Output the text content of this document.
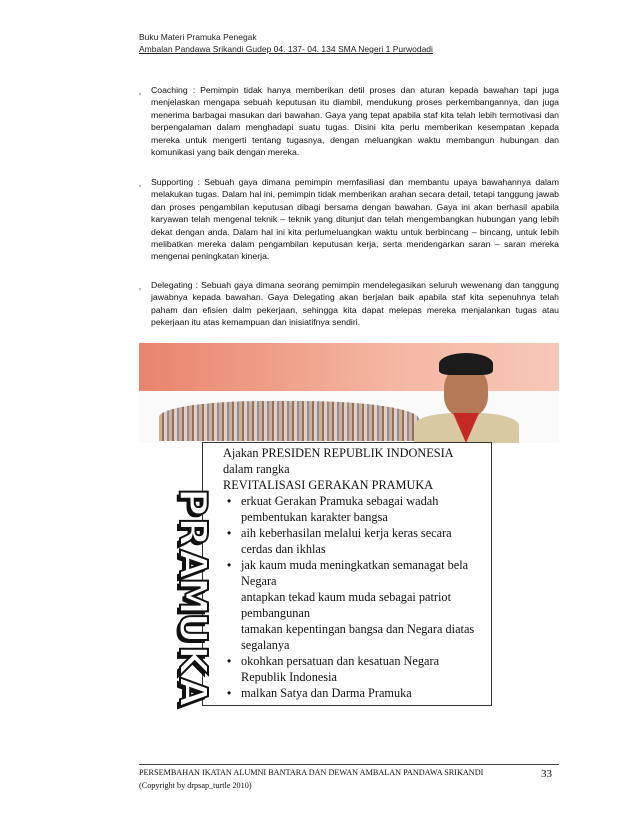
Buku Materi Pramuka Penegak
Ambalan Pandawa Srikandi Gudep 04. 137- 04. 134 SMA Negeri 1 Purwodadi
‚	Coaching : Pemimpin tidak hanya memberikan detil proses dan aturan kepada bawahan tapi juga menjelaskan mengapa sebuah keputusan itu diambil, mendukung proses perkembangannya, dan juga menerima barbagai masukan dari bawahan. Gaya yang tepat apabila staf kita telah lebih termotivasi dan berpengalaman dalam menghadapi suatu tugas. Disini kita perlu memberikan kesempatan kepada mereka untuk mengerti tentang tugasnya, dengan meluangkan waktu membangun hubungan dan komunikasi yang baik dengan mereka.
‚	Supporting : Sebuah gaya dimana pemimpin memfasiliasi dan membantu upaya bawahannya dalam melakukan tugas. Dalam hal ini, pemimpin tidak memberikan arahan secara detail, tetapi tanggung jawab dan proses pengambilan keputusan dibagi bersama dengan bawahan. Gaya ini akan berhasil apabila karyawan telah mengenal teknik – teknik yang ditunjut dan telah mengembangkan hubungan yang lebih dekat dengan anda. Dalam hal ini kita perlumeluangkan waktu untuk berbincang – bincang, untuk lebih melibatkan mereka dalam pengambilan keputusan kerja, serta mendengarkan saran – saran mereka mengenai peningkatan kinerja.
‚	Delegating : Sebuah gaya dimana seorang pemimpin mendelegasikan seluruh wewenang dan tanggung jawabnya kepada bawahan. Gaya Delegating akan berjalan baik apabila staf kita sepenuhnya telah paham dan efisien dalm pekerjaan, sehingga kita dapat melepas mereka menjalankan tugas atau pekerjaan itu atas kemampuan dan inisiatifnya sendiri.
Ajakan PRESIDEN REPUBLIK INDONESIA
dalam rangka
REVITALISASI GERAKAN PRAMUKA
P
R
A
M
U
K
A
• erkuat Gerakan Pramuka sebagai wadah
pembentukan karakter bangsa
• aih keberhasilan melalui kerja keras secara
cerdas dan ikhlas
• jak kaum muda meningkatkan semanagat bela
Negara
antapkan tekad kaum muda sebagai patriot
pembangunan
tamakan kepentingan bangsa dan Negara diatas
segalanya
• okohkan persatuan dan kesatuan Negara
Republik Indonesia
• malkan Satya dan Darma Pramuka
PERSEMBAHAN IKATAN ALUMNI BANTARA DAN DEWAN AMBALAN PANDAWA SRIKANDI
(Copyright by drpsap_turtle 2010)
33
